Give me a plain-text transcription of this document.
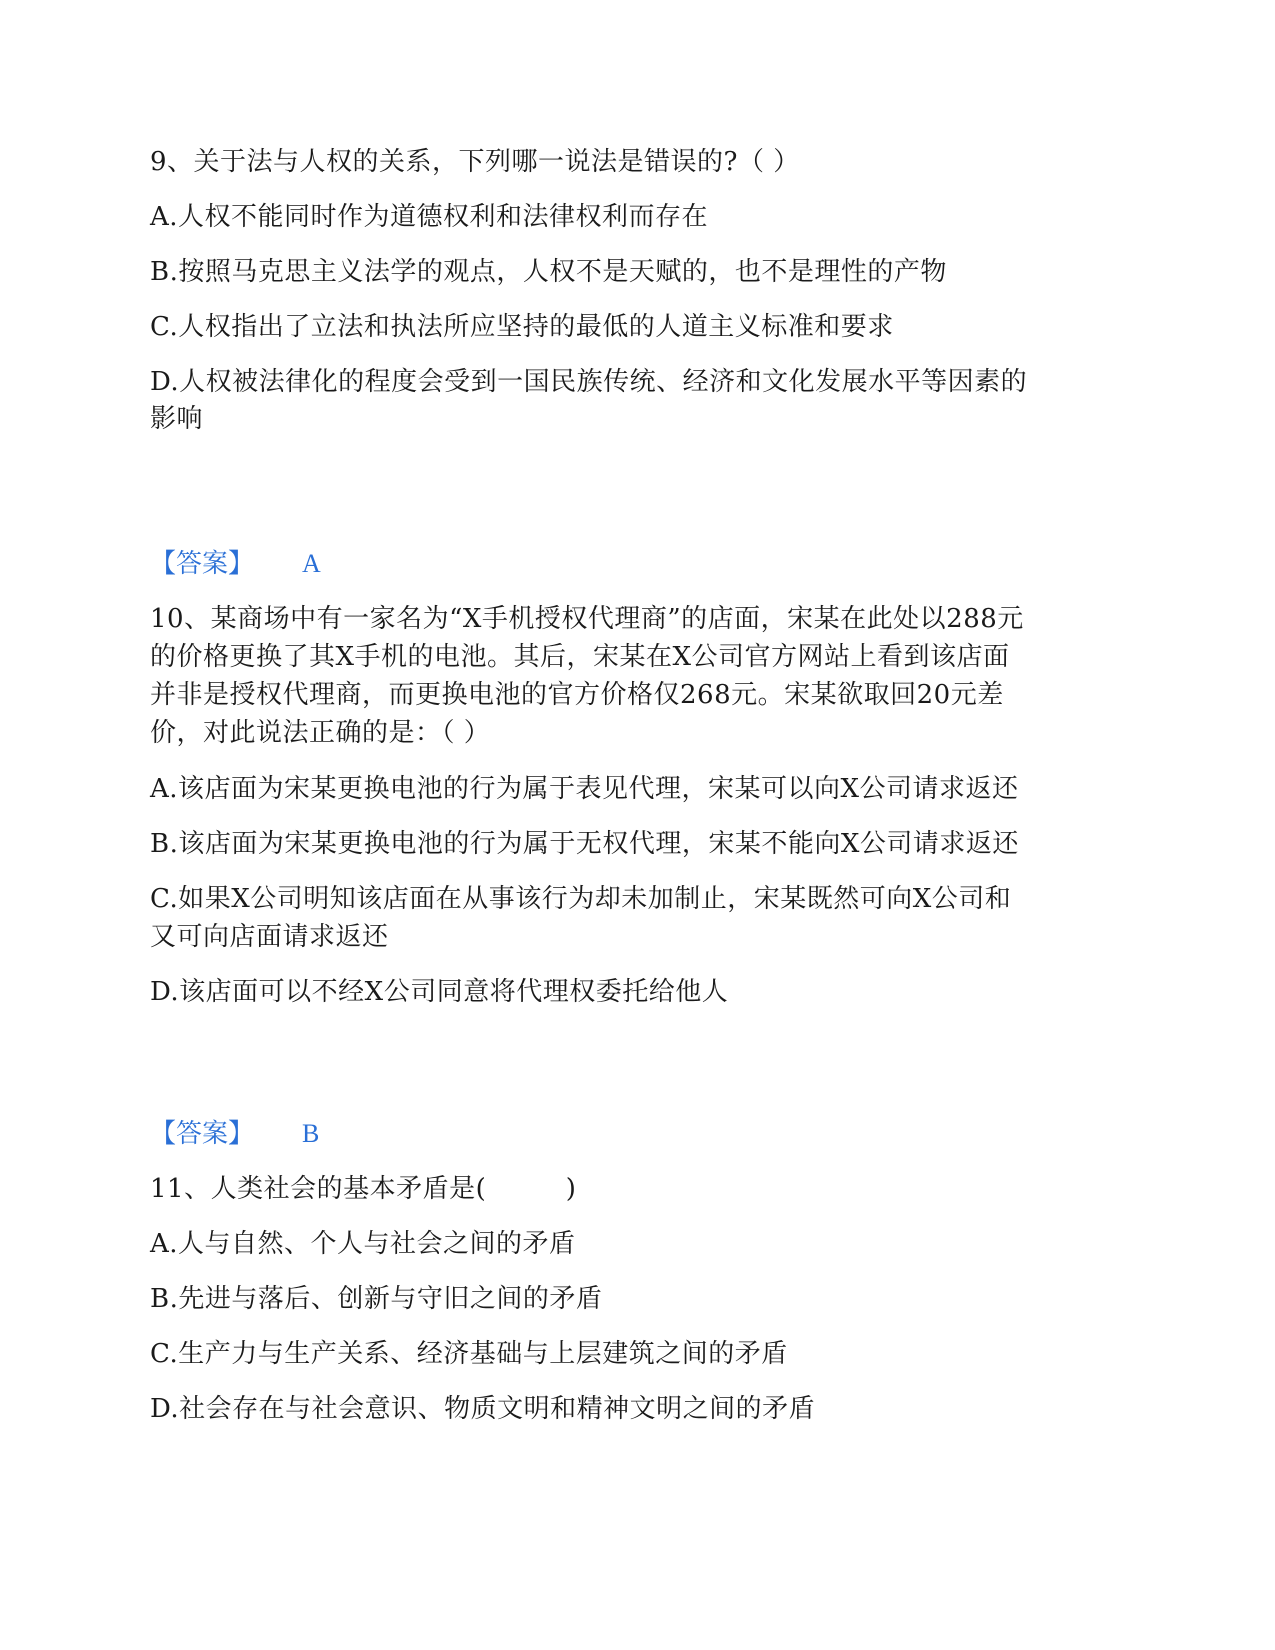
9、关于法与人权的关系，下列哪一说法是错误的?（ ）
A.人权不能同时作为道德权利和法律权利而存在
B.按照马克思主义法学的观点，人权不是天赋的，也不是理性的产物
C.人权指出了立法和执法所应坚持的最低的人道主义标准和要求
D.人权被法律化的程度会受到一国民族传统、经济和文化发展水平等因素的
影响
【答案】 A
10、某商场中有一家名为“X手机授权代理商”的店面，宋某在此处以288元
的价格更换了其X手机的电池。其后，宋某在X公司官方网站上看到该店面
并非是授权代理商，而更换电池的官方价格仅268元。宋某欲取回20元差
价，对此说法正确的是：（ ）
A.该店面为宋某更换电池的行为属于表见代理，宋某可以向X公司请求返还
B.该店面为宋某更换电池的行为属于无权代理，宋某不能向X公司请求返还
C.如果X公司明知该店面在从事该行为却未加制止，宋某既然可向X公司和
又可向店面请求返还
D.该店面可以不经X公司同意将代理权委托给他人
【答案】 B
11、人类社会的基本矛盾是(　　　)
A.人与自然、个人与社会之间的矛盾
B.先进与落后、创新与守旧之间的矛盾
C.生产力与生产关系、经济基础与上层建筑之间的矛盾
D.社会存在与社会意识、物质文明和精神文明之间的矛盾
